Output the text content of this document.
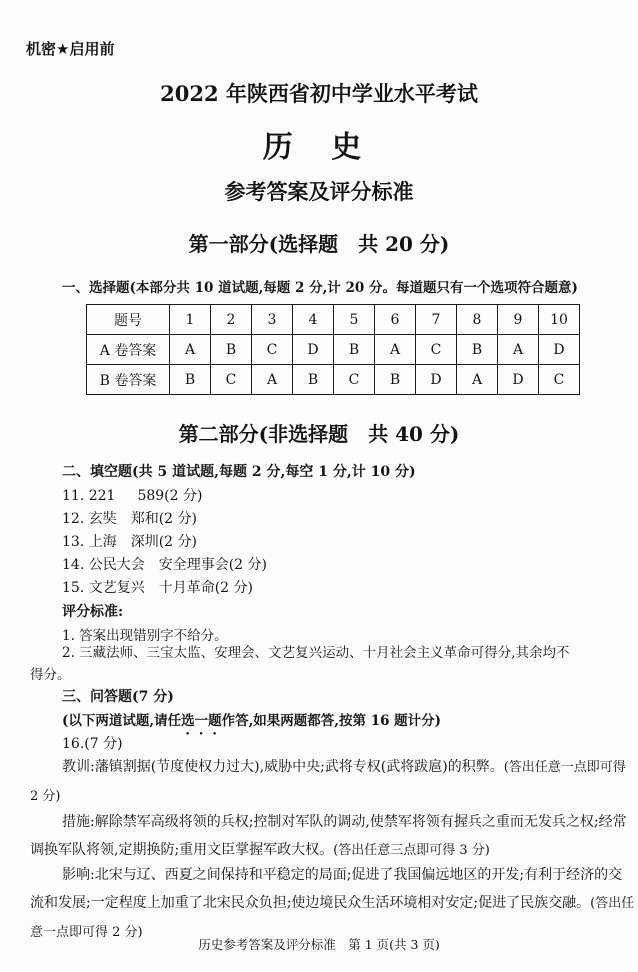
机密★启用前
2022 年陕西省初中学业水平考试
历 史
参考答案及评分标准
第一部分(选择题　共 20 分)
一、选择题(本部分共 10 道试题,每题 2 分,计 20 分。每道题只有一个选项符合题意)
题号	1	2	3	4	5	6	7	8	9	10
A 卷答案	A	B	C	D	B	A	C	B	A	D
B 卷答案	B	C	A	B	C	B	D	A	D	C
第二部分(非选择题　共 40 分)
二、填空题(共 5 道试题,每题 2 分,每空 1 分,计 10 分)
11. 221 589(2 分)
12. 玄奘　 郑和(2 分)
13. 上海　 深圳(2 分)
14. 公民大会　 安全理事会(2 分)
15. 文艺复兴　 十月革命(2 分)
评分标准:
1. 答案出现错别字不给分。
2. 三藏法师、三宝太监、安理会、文艺复兴运动、十月社会主义革命可得分,其余均不
得分。
三、问答题(7 分)
(以下两道试题,请任选一题作答,如果两题都答,按第 16 题计分)
16.(7 分)
教训:藩镇割据(节度使权力过大),威胁中央;武将专权(武将跋扈)的积弊。(答出任意一点即可得 2 分)
措施:解除禁军高级将领的兵权;控制对军队的调动,使禁军将领有握兵之重而无发兵之权;经常调换军队将领,定期换防;重用文臣掌握军政大权。(答出任意三点即可得 3 分)
影响:北宋与辽、西夏之间保持和平稳定的局面;促进了我国偏远地区的开发;有利于经济的交流和发展;一定程度上加重了北宋民众负担;使边境民众生活环境相对安定;促进了民族交融。(答出任意一点即可得 2 分)
历史参考答案及评分标准　第 1 页(共 3 页)
